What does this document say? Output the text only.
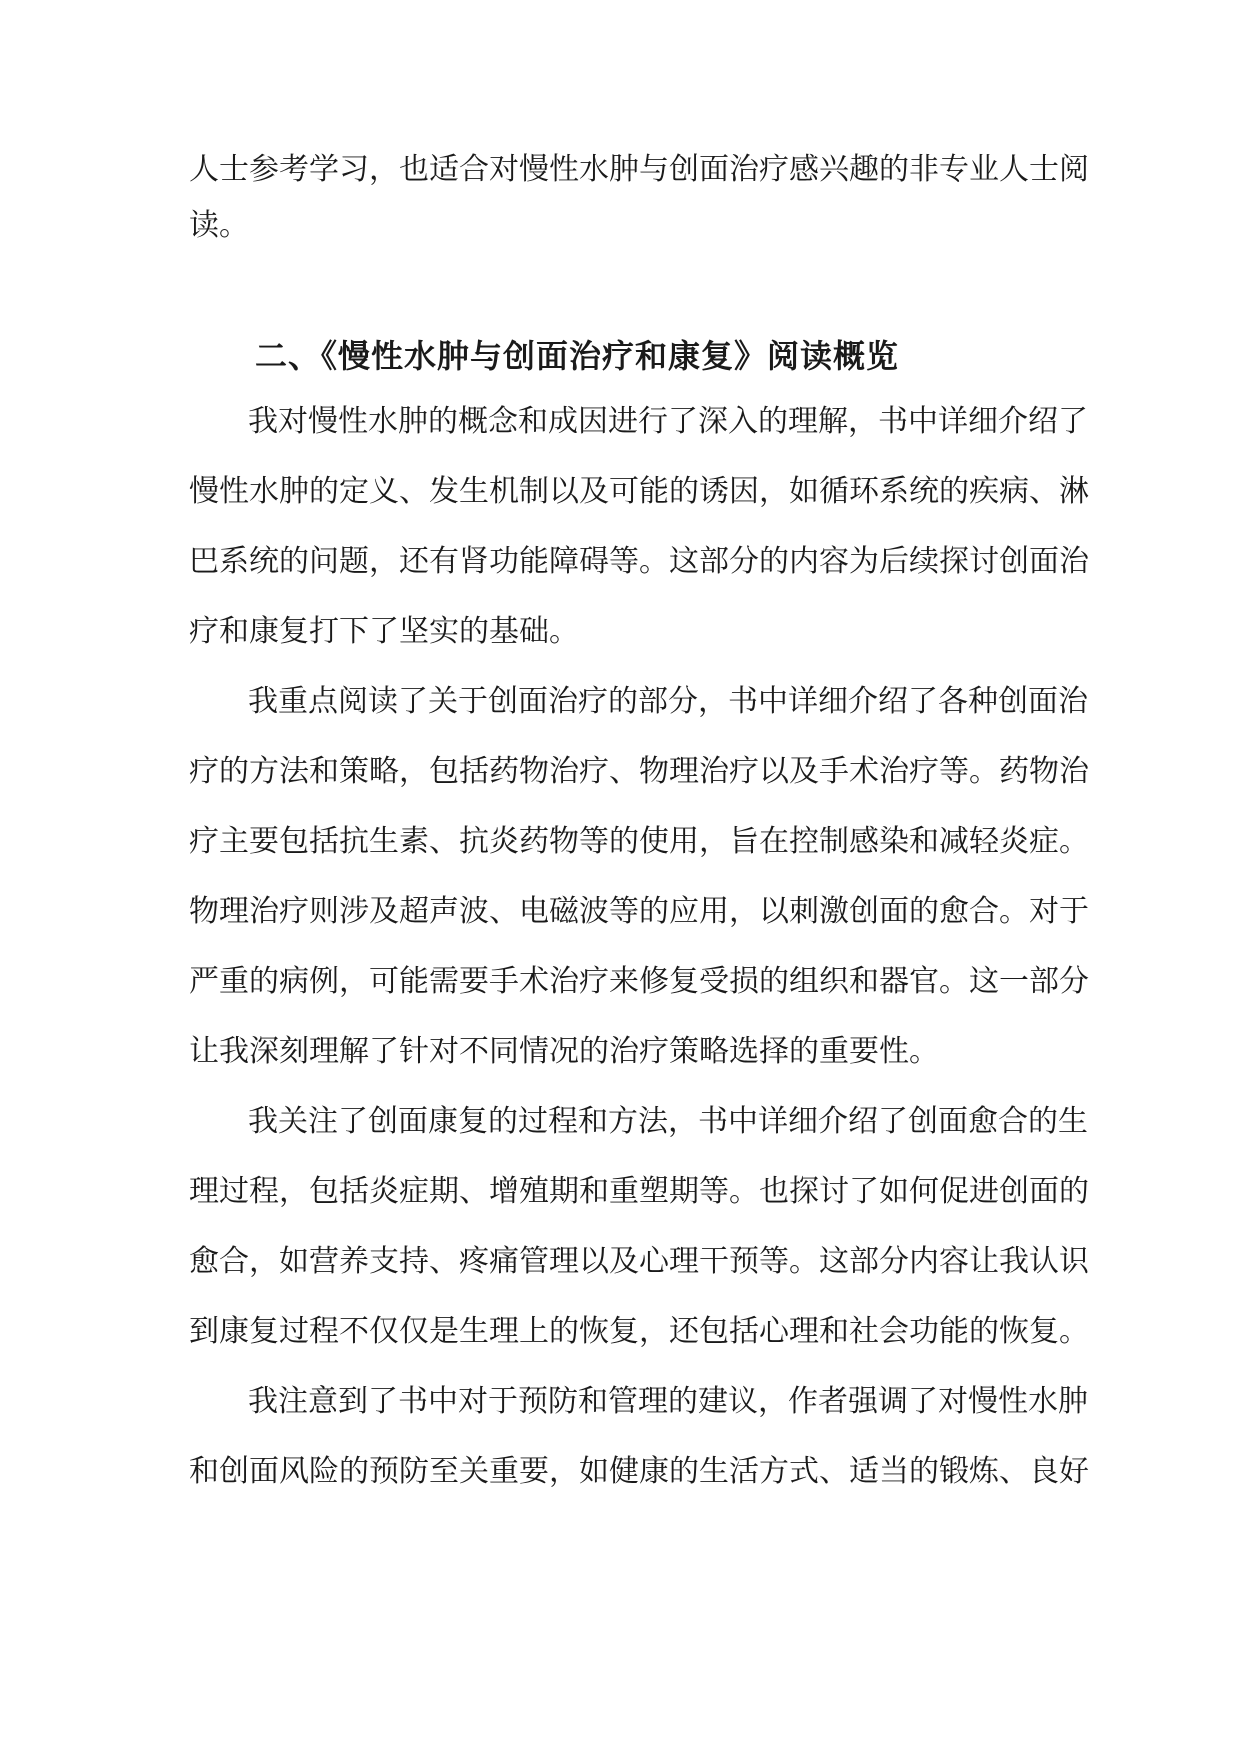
人士参考学习，也适合对慢性水肿与创面治疗感兴趣的非专业人士阅
读。
二、《慢性水肿与创面治疗和康复》阅读概览
我对慢性水肿的概念和成因进行了深入的理解，书中详细介绍了
慢性水肿的定义、发生机制以及可能的诱因，如循环系统的疾病、淋
巴系统的问题，还有肾功能障碍等。这部分的内容为后续探讨创面治
疗和康复打下了坚实的基础。
我重点阅读了关于创面治疗的部分，书中详细介绍了各种创面治
疗的方法和策略，包括药物治疗、物理治疗以及手术治疗等。药物治
疗主要包括抗生素、抗炎药物等的使用，旨在控制感染和减轻炎症。
物理治疗则涉及超声波、电磁波等的应用，以刺激创面的愈合。对于
严重的病例，可能需要手术治疗来修复受损的组织和器官。这一部分
让我深刻理解了针对不同情况的治疗策略选择的重要性。
我关注了创面康复的过程和方法，书中详细介绍了创面愈合的生
理过程，包括炎症期、增殖期和重塑期等。也探讨了如何促进创面的
愈合，如营养支持、疼痛管理以及心理干预等。这部分内容让我认识
到康复过程不仅仅是生理上的恢复，还包括心理和社会功能的恢复。
我注意到了书中对于预防和管理的建议，作者强调了对慢性水肿
和创面风险的预防至关重要，如健康的生活方式、适当的锻炼、良好
